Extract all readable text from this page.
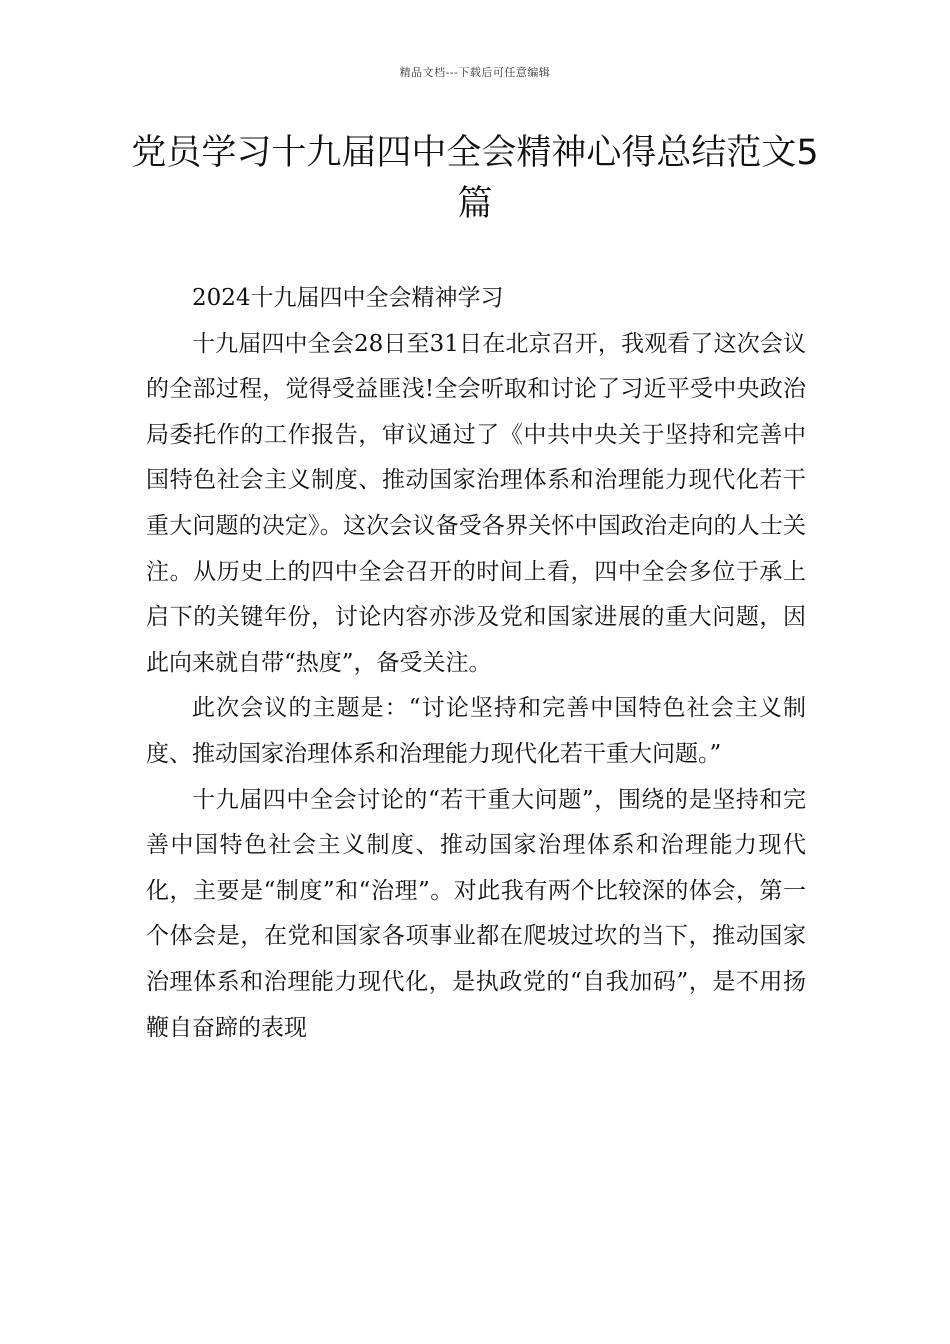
精品文档---下载后可任意编辑
党员学习十九届四中全会精神心得总结范文5篇

2024十九届四中全会精神学习

十九届四中全会28日至31日在北京召开，我观看了这次会议的全部过程，觉得受益匪浅!全会听取和讨论了习近平受中央政治局委托作的工作报告，审议通过了《中共中央关于坚持和完善中国特色社会主义制度、推动国家治理体系和治理能力现代化若干重大问题的决定》。这次会议备受各界关怀中国政治走向的人士关注。从历史上的四中全会召开的时间上看，四中全会多位于承上启下的关键年份，讨论内容亦涉及党和国家进展的重大问题，因此向来就自带“热度”，备受关注。

此次会议的主题是：“讨论坚持和完善中国特色社会主义制度、推动国家治理体系和治理能力现代化若干重大问题。”

十九届四中全会讨论的“若干重大问题”，围绕的是坚持和完善中国特色社会主义制度、推动国家治理体系和治理能力现代化，主要是“制度”和“治理”。对此我有两个比较深的体会，第一个体会是，在党和国家各项事业都在爬坡过坎的当下，推动国家治理体系和治理能力现代化，是执政党的“自我加码”，是不用扬鞭自奋蹄的表现
